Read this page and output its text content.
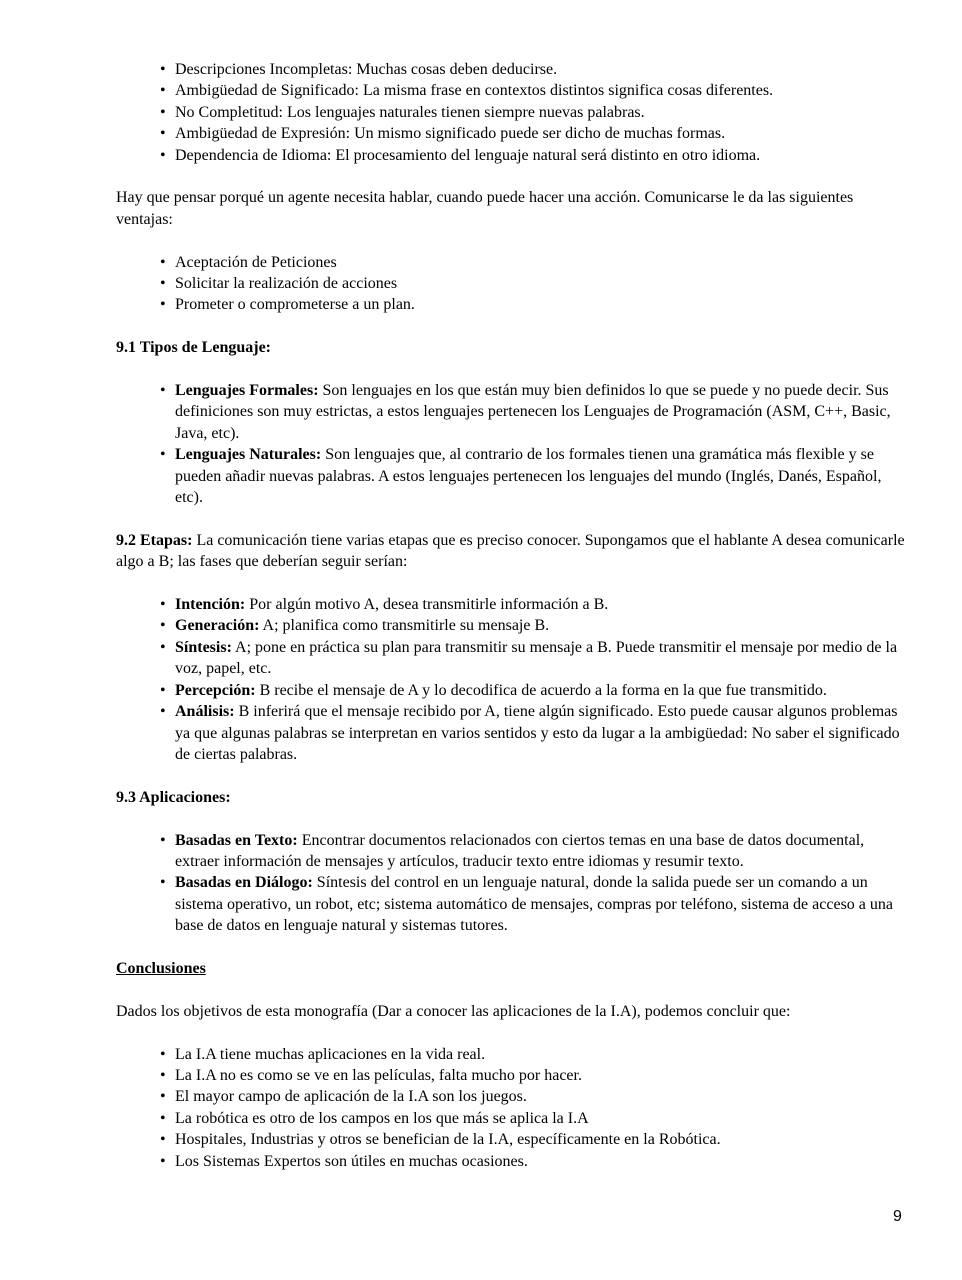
• Descripciones Incompletas: Muchas cosas deben deducirse.
• Ambigüedad de Significado: La misma frase en contextos distintos significa cosas diferentes.
• No Completitud: Los lenguajes naturales tienen siempre nuevas palabras.
• Ambigüedad de Expresión: Un mismo significado puede ser dicho de muchas formas.
• Dependencia de Idioma: El procesamiento del lenguaje natural será distinto en otro idioma.

Hay que pensar porqué un agente necesita hablar, cuando puede hacer una acción. Comunicarse le da las siguientes ventajas:

• Aceptación de Peticiones
• Solicitar la realización de acciones
• Prometer o comprometerse a un plan.

9.1 Tipos de Lenguaje:

• Lenguajes Formales: Son lenguajes en los que están muy bien definidos lo que se puede y no puede decir. Sus definiciones son muy estrictas, a estos lenguajes pertenecen los Lenguajes de Programación (ASM, C++, Basic, Java, etc).
• Lenguajes Naturales: Son lenguajes que, al contrario de los formales tienen una gramática más flexible y se pueden añadir nuevas palabras. A estos lenguajes pertenecen los lenguajes del mundo (Inglés, Danés, Español, etc).

9.2 Etapas: La comunicación tiene varias etapas que es preciso conocer. Supongamos que el hablante A desea comunicarle algo a B; las fases que deberían seguir serían:

• Intención: Por algún motivo A, desea transmitirle información a B.
• Generación: A; planifica como transmitirle su mensaje B.
• Síntesis: A; pone en práctica su plan para transmitir su mensaje a B. Puede transmitir el mensaje por medio de la voz, papel, etc.
• Percepción: B recibe el mensaje de A y lo decodifica de acuerdo a la forma en la que fue transmitido.
• Análisis: B inferirá que el mensaje recibido por A, tiene algún significado. Esto puede causar algunos problemas ya que algunas palabras se interpretan en varios sentidos y esto da lugar a la ambigüedad: No saber el significado de ciertas palabras.

9.3 Aplicaciones:

• Basadas en Texto: Encontrar documentos relacionados con ciertos temas en una base de datos documental, extraer información de mensajes y artículos, traducir texto entre idiomas y resumir texto.
• Basadas en Diálogo: Síntesis del control en un lenguaje natural, donde la salida puede ser un comando a un sistema operativo, un robot, etc; sistema automático de mensajes, compras por teléfono, sistema de acceso a una base de datos en lenguaje natural y sistemas tutores.

Conclusiones

Dados los objetivos de esta monografía (Dar a conocer las aplicaciones de la I.A), podemos concluir que:

• La I.A tiene muchas aplicaciones en la vida real.
• La I.A no es como se ve en las películas, falta mucho por hacer.
• El mayor campo de aplicación de la I.A son los juegos.
• La robótica es otro de los campos en los que más se aplica la I.A
• Hospitales, Industrias y otros se benefician de la I.A, específicamente en la Robótica.
• Los Sistemas Expertos son útiles en muchas ocasiones.
9
